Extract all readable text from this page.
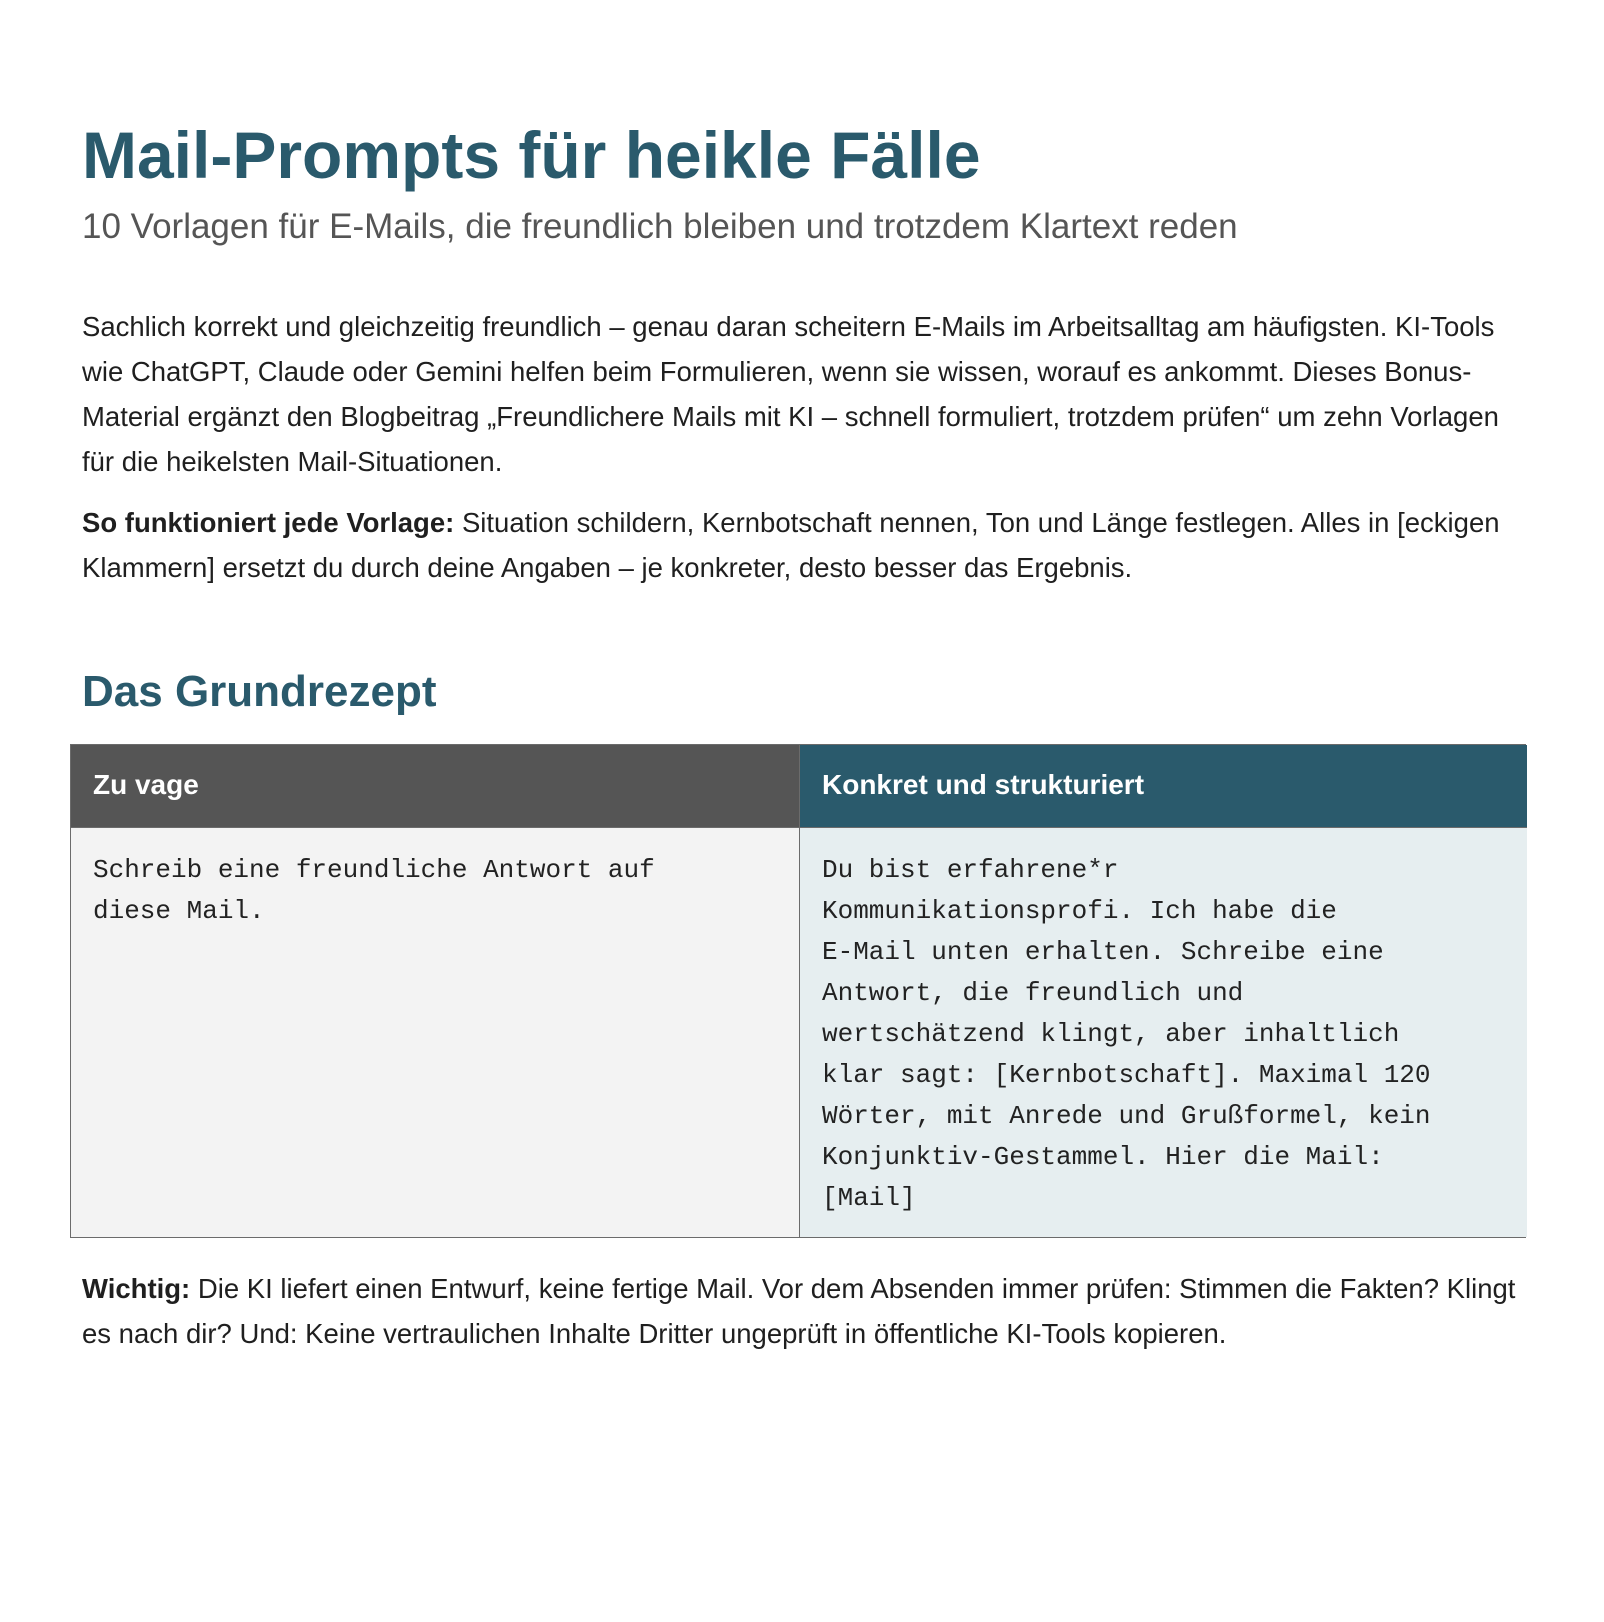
Mail-Prompts für heikle Fälle
10 Vorlagen für E-Mails, die freundlich bleiben und trotzdem Klartext reden

Sachlich korrekt und gleichzeitig freundlich – genau daran scheitern E-Mails im Arbeitsalltag am häufigsten. KI-Tools wie ChatGPT, Claude oder Gemini helfen beim Formulieren, wenn sie wissen, worauf es ankommt. Dieses Bonus-Material ergänzt den Blogbeitrag „Freundlichere Mails mit KI – schnell formuliert, trotzdem prüfen“ um zehn Vorlagen für die heikelsten Mail-Situationen.

So funktioniert jede Vorlage: Situation schildern, Kernbotschaft nennen, Ton und Länge festlegen. Alles in [eckigen Klammern] ersetzt du durch deine Angaben – je konkreter, desto besser das Ergebnis.

Das Grundrezept
Zu vage	Konkret und strukturiert
Schreib eine freundliche Antwort auf
diese Mail.
Du bist erfahrene*r
Kommunikationsprofi. Ich habe die
E-Mail unten erhalten. Schreibe eine
Antwort, die freundlich und
wertschätzend klingt, aber inhaltlich
klar sagt: [Kernbotschaft]. Maximal 120
Wörter, mit Anrede und Grußformel, kein
Konjunktiv-Gestammel. Hier die Mail:
[Mail]

Wichtig: Die KI liefert einen Entwurf, keine fertige Mail. Vor dem Absenden immer prüfen: Stimmen die Fakten? Klingt es nach dir? Und: Keine vertraulichen Inhalte Dritter ungeprüft in öffentliche KI-Tools kopieren.
